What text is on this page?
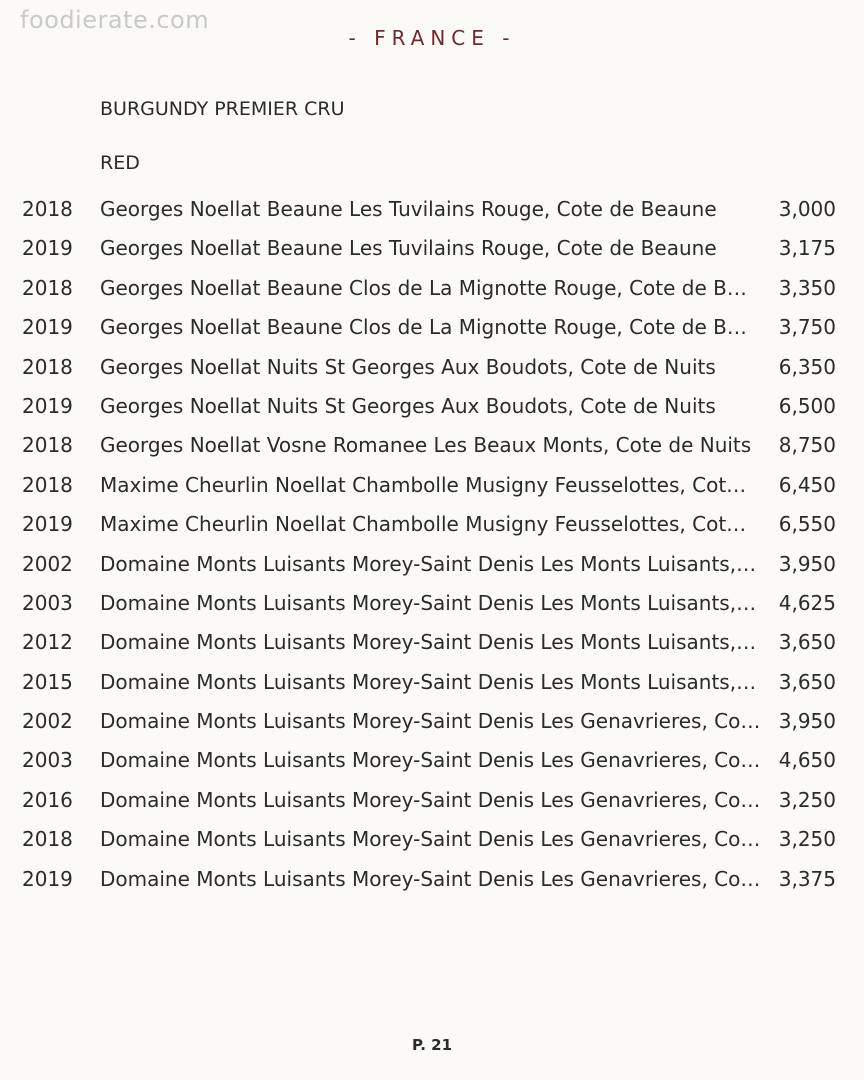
foodierate.com
- FRANCE -
BURGUNDY PREMIER CRU
RED
2018	Georges Noellat Beaune Les Tuvilains Rouge, Cote de Beaune	3,000
2019	Georges Noellat Beaune Les Tuvilains Rouge, Cote de Beaune	3,175
2018	Georges Noellat Beaune Clos de La Mignotte Rouge, Cote de B…	3,350
2019	Georges Noellat Beaune Clos de La Mignotte Rouge, Cote de B…	3,750
2018	Georges Noellat Nuits St Georges Aux Boudots, Cote de Nuits	6,350
2019	Georges Noellat Nuits St Georges Aux Boudots, Cote de Nuits	6,500
2018	Georges Noellat Vosne Romanee Les Beaux Monts, Cote de Nuits	8,750
2018	Maxime Cheurlin Noellat Chambolle Musigny Feusselottes, Cot…	6,450
2019	Maxime Cheurlin Noellat Chambolle Musigny Feusselottes, Cot…	6,550
2002	Domaine Monts Luisants Morey-Saint Denis Les Monts Luisants,…	3,950
2003	Domaine Monts Luisants Morey-Saint Denis Les Monts Luisants,…	4,625
2012	Domaine Monts Luisants Morey-Saint Denis Les Monts Luisants,…	3,650
2015	Domaine Monts Luisants Morey-Saint Denis Les Monts Luisants,…	3,650
2002	Domaine Monts Luisants Morey-Saint Denis Les Genavrieres, Co… 3,950
2003	Domaine Monts Luisants Morey-Saint Denis Les Genavrieres, Co… 4,650
2016	Domaine Monts Luisants Morey-Saint Denis Les Genavrieres, Co… 3,250
2018	Domaine Monts Luisants Morey-Saint Denis Les Genavrieres, Co… 3,250
2019	Domaine Monts Luisants Morey-Saint Denis Les Genavrieres, Co… 3,375
P. 21
